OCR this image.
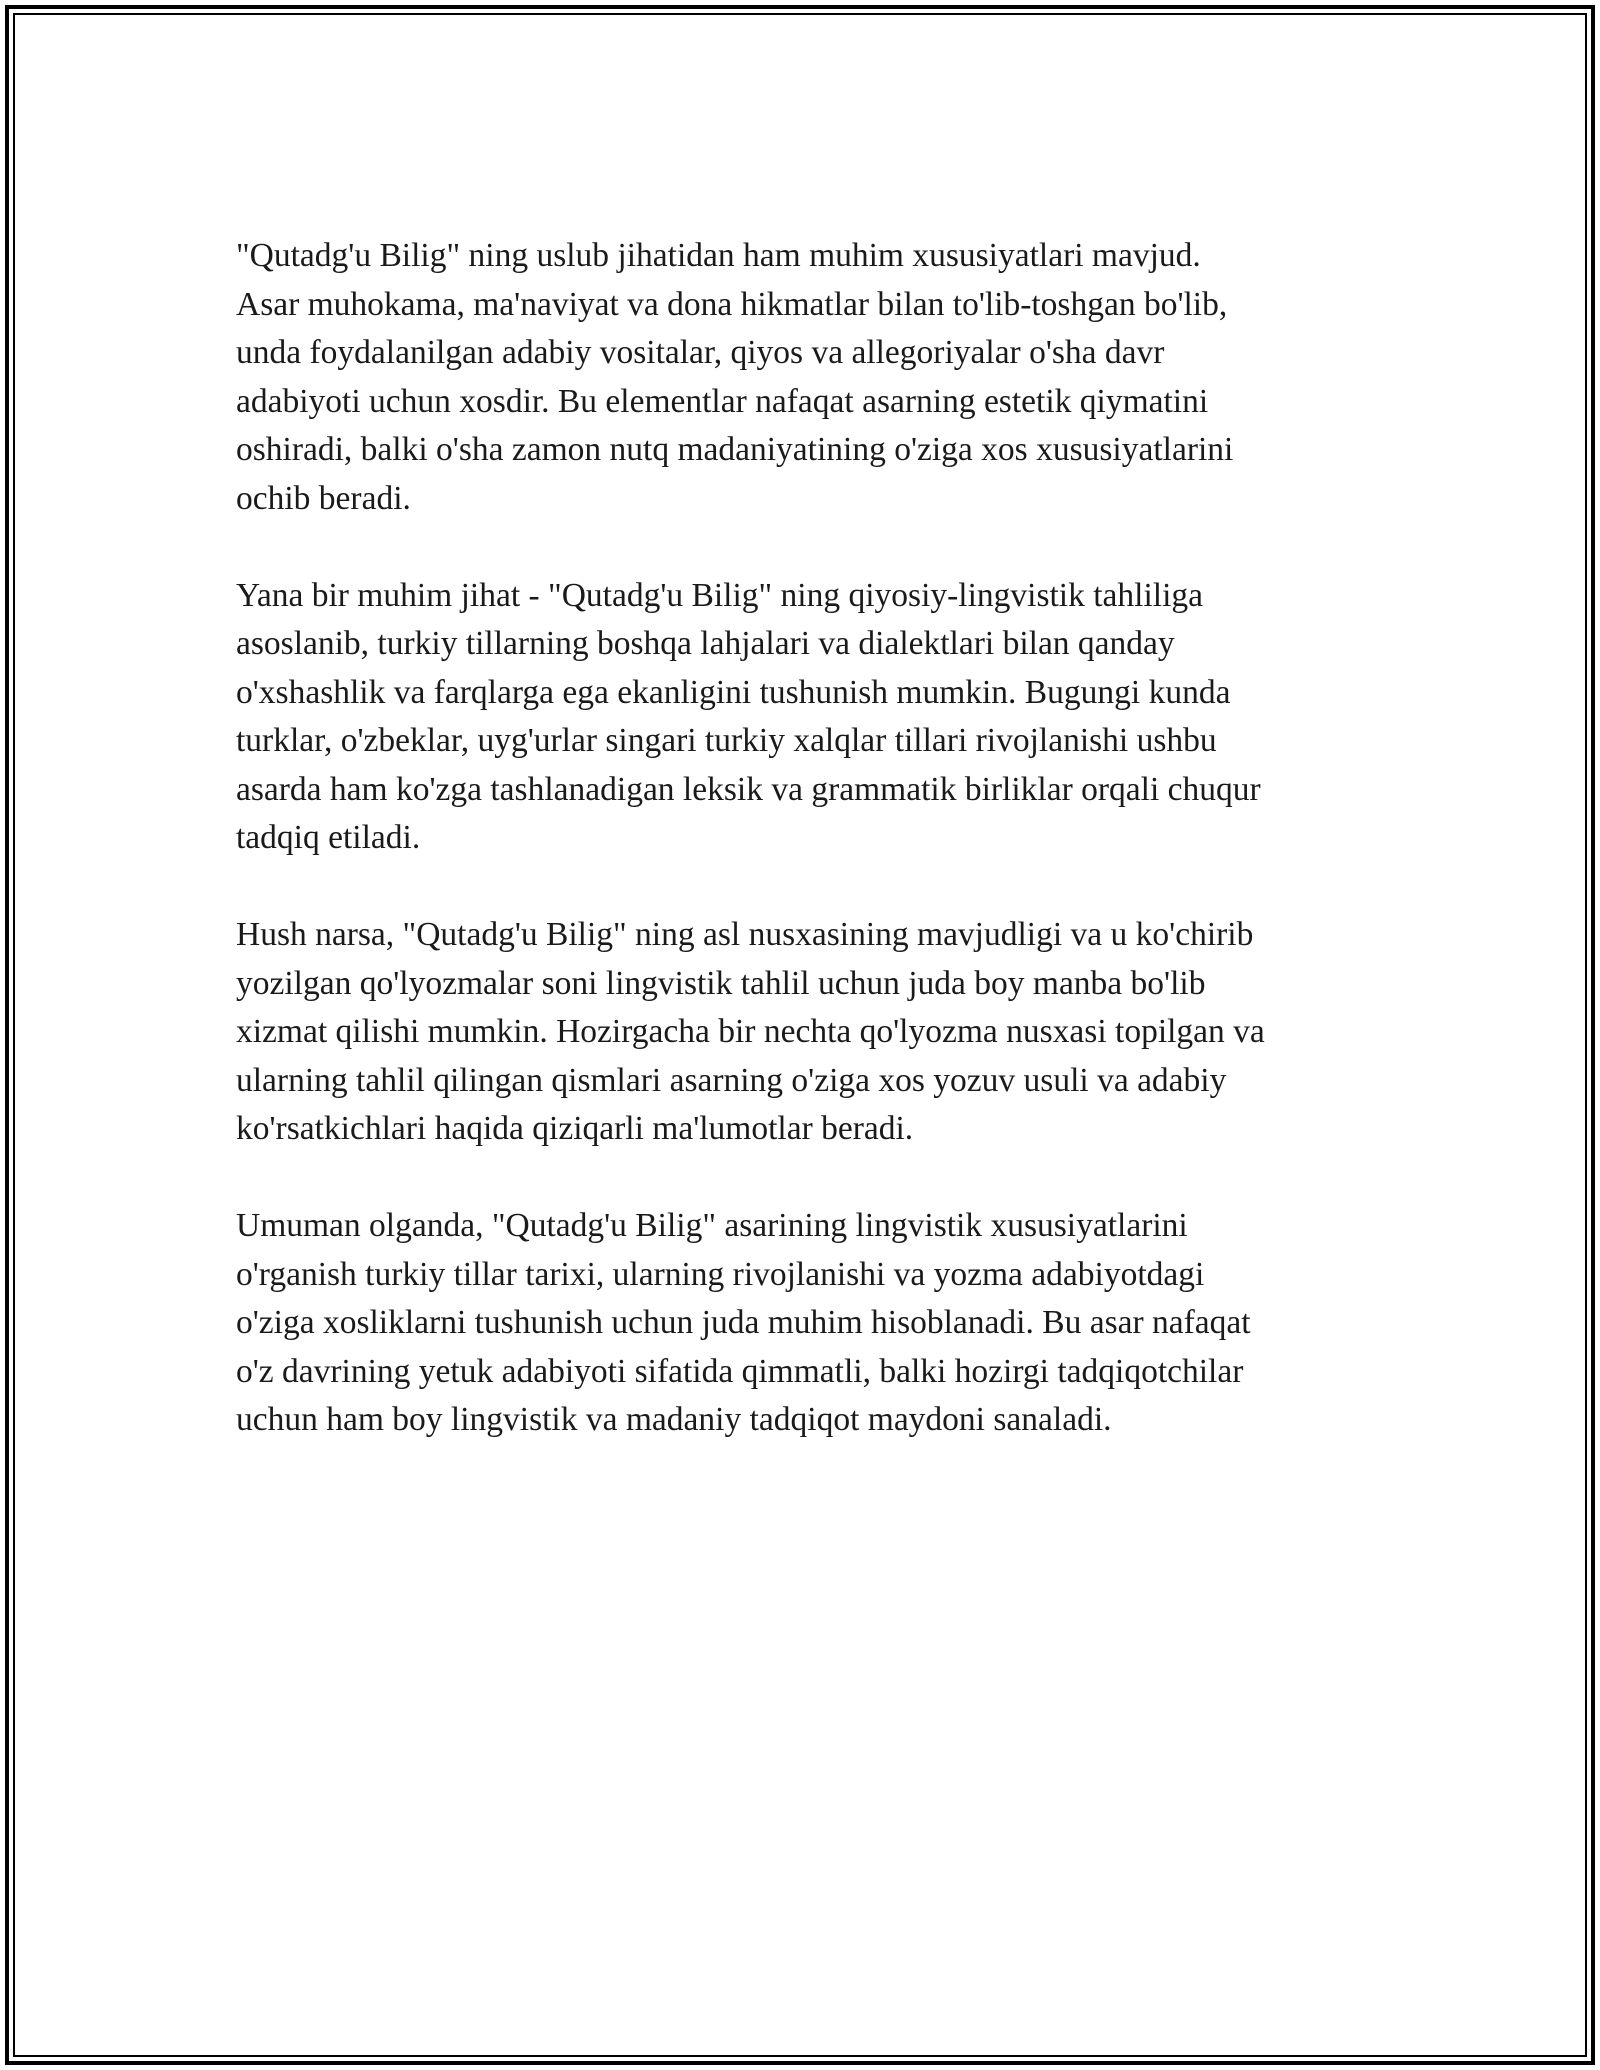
"Qutadg'u Bilig" ning uslub jihatidan ham muhim xususiyatlari mavjud.
Asar muhokama, ma'naviyat va dona hikmatlar bilan to'lib-toshgan bo'lib,
unda foydalanilgan adabiy vositalar, qiyos va allegoriyalar o'sha davr
adabiyoti uchun xosdir. Bu elementlar nafaqat asarning estetik qiymatini
oshiradi, balki o'sha zamon nutq madaniyatining o'ziga xos xususiyatlarini
ochib beradi.

Yana bir muhim jihat - "Qutadg'u Bilig" ning qiyosiy-lingvistik tahliliga
asoslanib, turkiy tillarning boshqa lahjalari va dialektlari bilan qanday
o'xshashlik va farqlarga ega ekanligini tushunish mumkin. Bugungi kunda
turklar, o'zbeklar, uyg'urlar singari turkiy xalqlar tillari rivojlanishi ushbu
asarda ham ko'zga tashlanadigan leksik va grammatik birliklar orqali chuqur
tadqiq etiladi.

Hush narsa, "Qutadg'u Bilig" ning asl nusxasining mavjudligi va u ko'chirib
yozilgan qo'lyozmalar soni lingvistik tahlil uchun juda boy manba bo'lib
xizmat qilishi mumkin. Hozirgacha bir nechta qo'lyozma nusxasi topilgan va
ularning tahlil qilingan qismlari asarning o'ziga xos yozuv usuli va adabiy
ko'rsatkichlari haqida qiziqarli ma'lumotlar beradi.

Umuman olganda, "Qutadg'u Bilig" asarining lingvistik xususiyatlarini
o'rganish turkiy tillar tarixi, ularning rivojlanishi va yozma adabiyotdagi
o'ziga xosliklarni tushunish uchun juda muhim hisoblanadi. Bu asar nafaqat
o'z davrining yetuk adabiyoti sifatida qimmatli, balki hozirgi tadqiqotchilar
uchun ham boy lingvistik va madaniy tadqiqot maydoni sanaladi.
